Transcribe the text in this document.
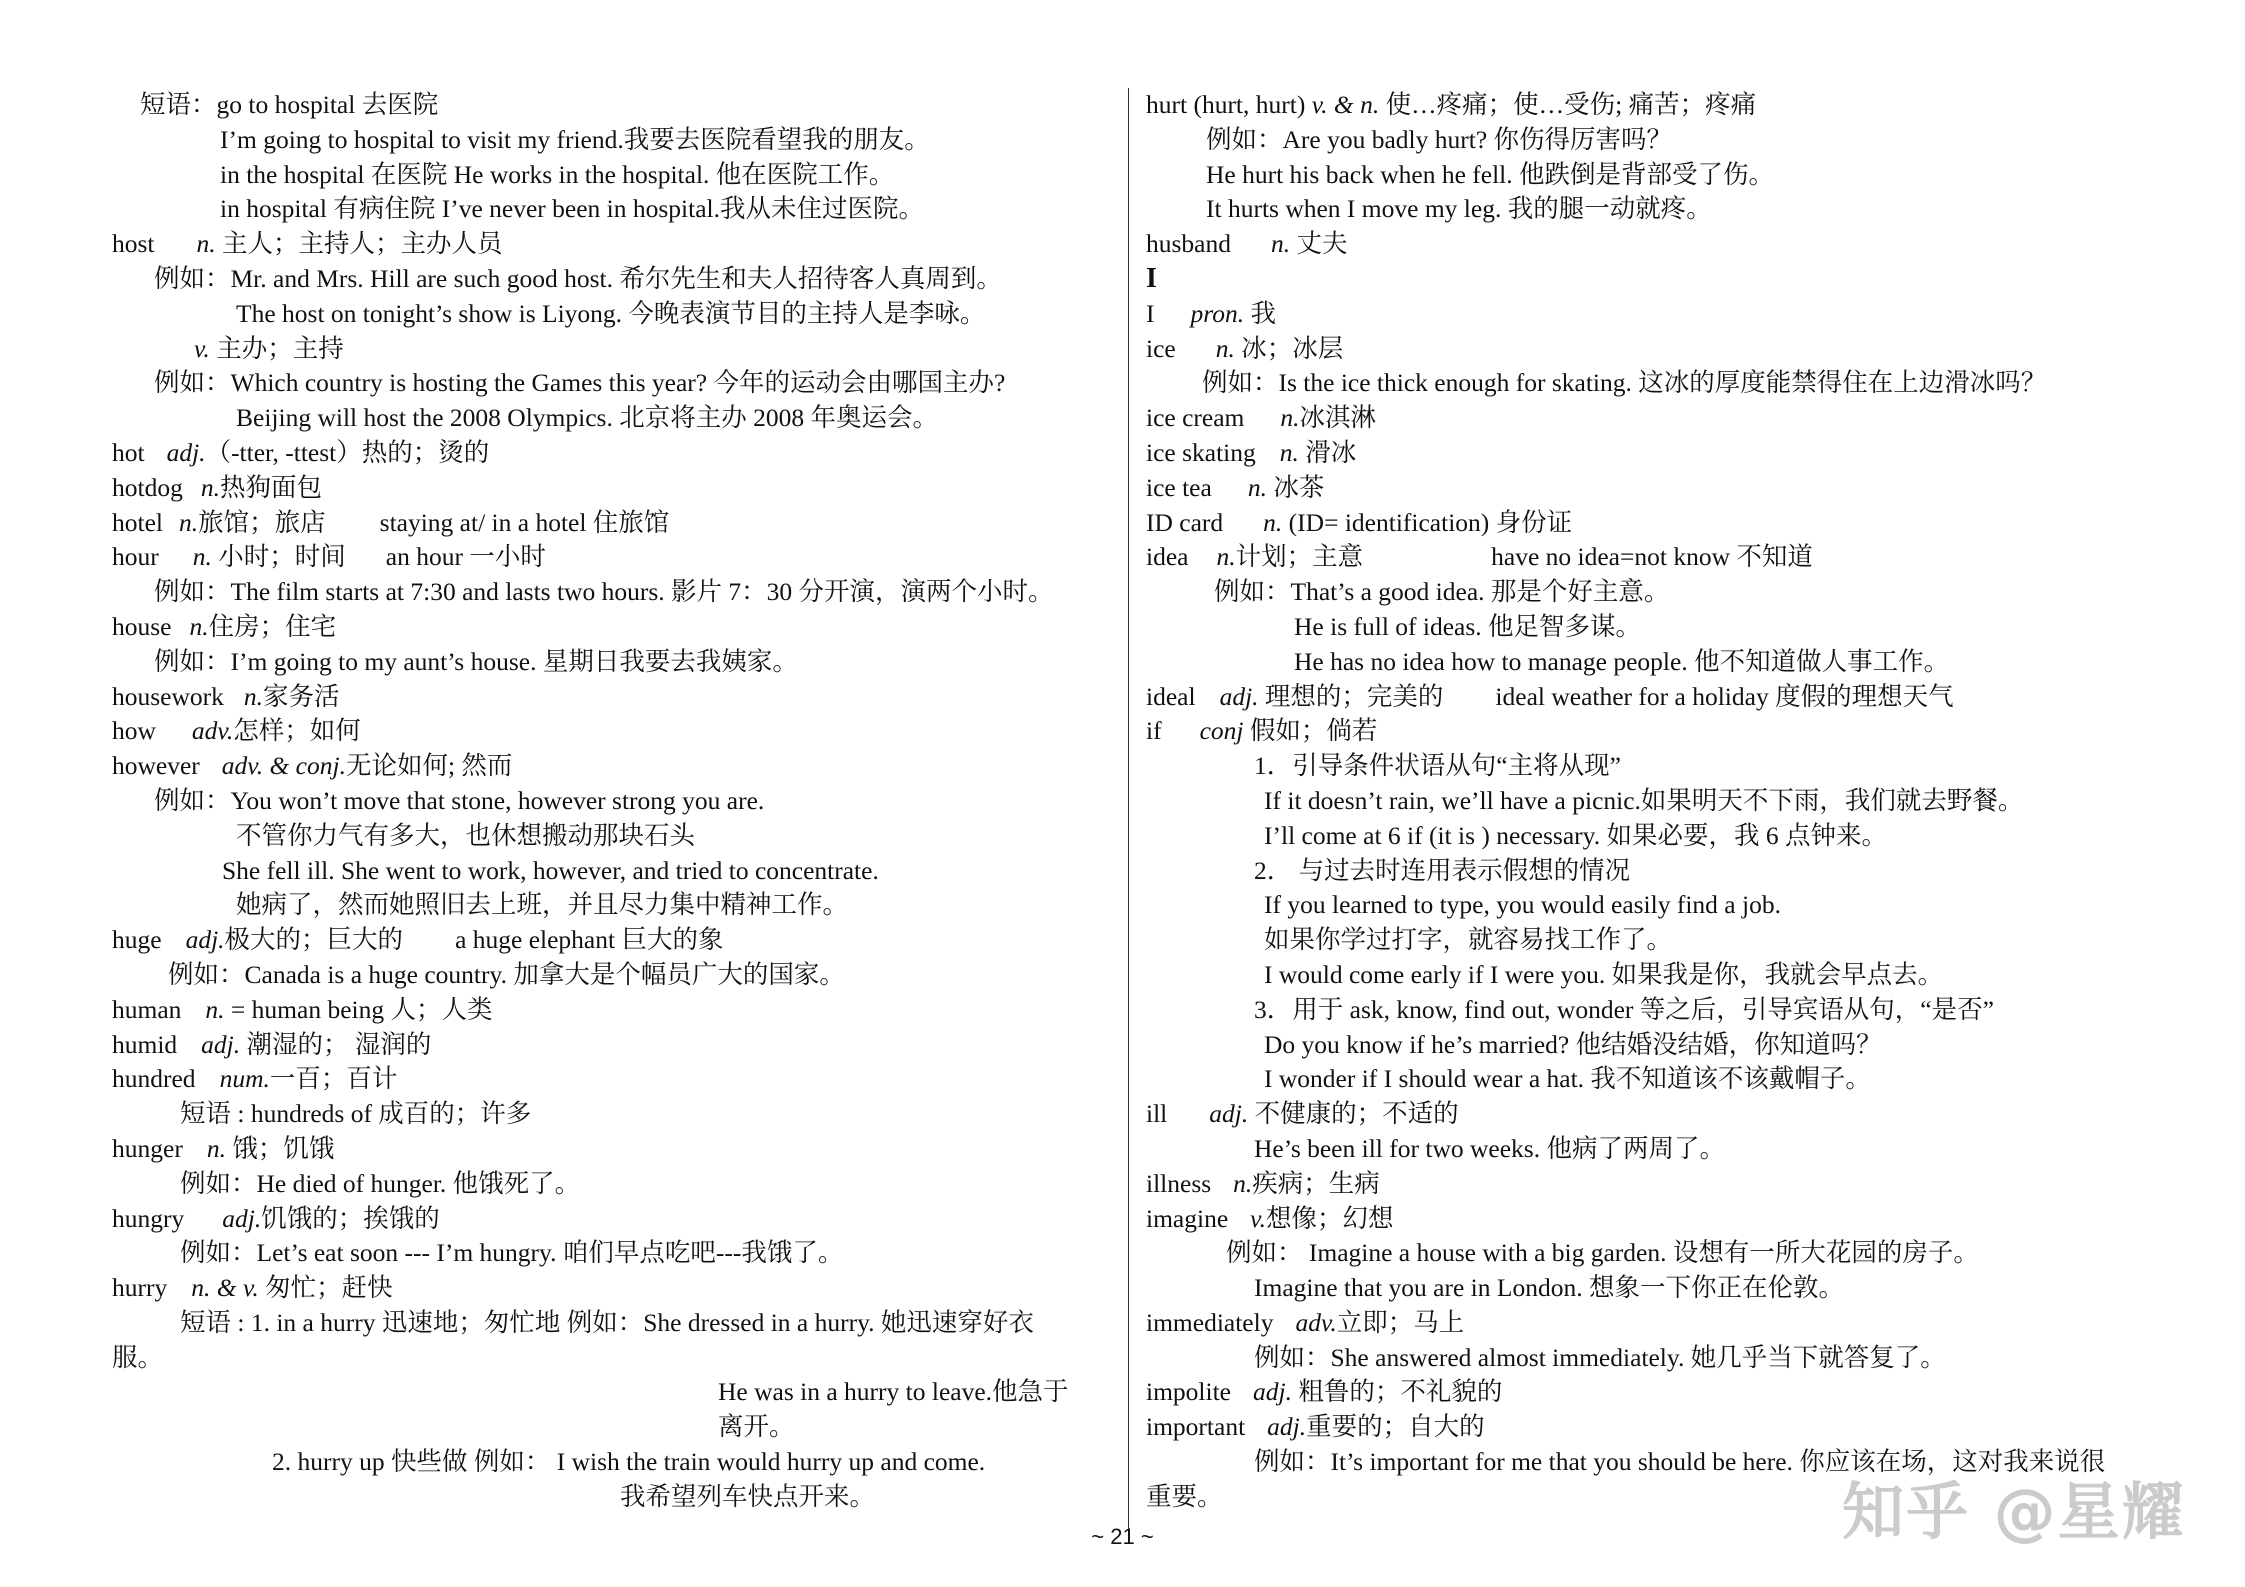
短语：go to hospital 去医院
I’m going to hospital to visit my friend.我要去医院看望我的朋友。
in the hospital 在医院 He works in the hospital. 他在医院工作。
in hospital 有病住院 I’ve never been in hospital.我从未住过医院。
host n. 主人；主持人；主办人员
例如：Mr. and Mrs. Hill are such good host. 希尔先生和夫人招待客人真周到。
The host on tonight’s show is Liyong. 今晚表演节目的主持人是李咏。
v. 主办；主持
例如：Which country is hosting the Games this year? 今年的运动会由哪国主办?
Beijing will host the 2008 Olympics. 北京将主办 2008 年奥运会。
hot adj.（-tter, -ttest）热的；烫的
hotdog n.热狗面包
hotel n.旅馆；旅店 staying at/ in a hotel 住旅馆
hour n. 小时；时间 an hour 一小时
例如：The film starts at 7:30 and lasts two hours. 影片 7：30 分开演，演两个小时。
house n.住房；住宅
例如：I’m going to my aunt’s house. 星期日我要去我姨家。
housework n.家务活
how adv.怎样；如何
however adv. & conj.无论如何; 然而
例如：You won’t move that stone, however strong you are.
不管你力气有多大，也休想搬动那块石头
She fell ill. She went to work, however, and tried to concentrate.
她病了，然而她照旧去上班，并且尽力集中精神工作。
huge adj.极大的；巨大的 a huge elephant 巨大的象
例如：Canada is a huge country. 加拿大是个幅员广大的国家。
human n. = human being 人；人类
humid adj. 潮湿的； 湿润的
hundred num.一百；百计
短语 : hundreds of 成百的；许多
hunger n. 饿；饥饿
例如：He died of hunger. 他饿死了。
hungry adj.饥饿的；挨饿的
例如：Let’s eat soon --- I’m hungry. 咱们早点吃吧---我饿了。
hurry n. & v. 匆忙；赶快
短语 : 1. in a hurry 迅速地；匆忙地 例如：She dressed in a hurry. 她迅速穿好衣
服。
He was in a hurry to leave.他急于
离开。
2. hurry up 快些做 例如： I wish the train would hurry up and come.
我希望列车快点开来。
hurt (hurt, hurt) v. & n. 使…疼痛；使…受伤; 痛苦；疼痛
例如：Are you badly hurt? 你伤得厉害吗？
He hurt his back when he fell. 他跌倒是背部受了伤。
It hurts when I move my leg. 我的腿一动就疼。
husband n. 丈夫
I
I pron. 我
ice n. 冰；冰层
例如：Is the ice thick enough for skating. 这冰的厚度能禁得住在上边滑冰吗？
ice cream n.冰淇淋
ice skating n. 滑冰
ice tea n. 冰茶
ID card n. (ID= identification) 身份证
idea n.计划；主意	have no idea=not know 不知道
例如：That’s a good idea. 那是个好主意。
He is full of ideas. 他足智多谋。
He has no idea how to manage people. 他不知道做人事工作。
ideal adj. 理想的；完美的 ideal weather for a holiday 度假的理想天气
if conj 假如；倘若
1．引导条件状语从句“主将从现”
If it doesn’t rain, we’ll have a picnic.如果明天不下雨，我们就去野餐。
I’ll come at 6 if (it is ) necessary. 如果必要，我 6 点钟来。
2． 与过去时连用表示假想的情况
If you learned to type, you would easily find a job.
如果你学过打字，就容易找工作了。
I would come early if I were you. 如果我是你，我就会早点去。
3．用于 ask, know, find out, wonder 等之后，引导宾语从句，“是否”
Do you know if he’s married? 他结婚没结婚，你知道吗？
I wonder if I should wear a hat. 我不知道该不该戴帽子。
ill adj. 不健康的；不适的
He’s been ill for two weeks. 他病了两周了。
illness n.疾病；生病
imagine v.想像；幻想
例如： Imagine a house with a big garden. 设想有一所大花园的房子。
Imagine that you are in London. 想象一下你正在伦敦。
immediately adv.立即；马上
例如：She answered almost immediately. 她几乎当下就答复了。
impolite adj. 粗鲁的；不礼貌的
important adj.重要的；自大的
例如：It’s important for me that you should be here. 你应该在场，这对我来说很
重要。
~ 21 ~	知乎 @星耀
